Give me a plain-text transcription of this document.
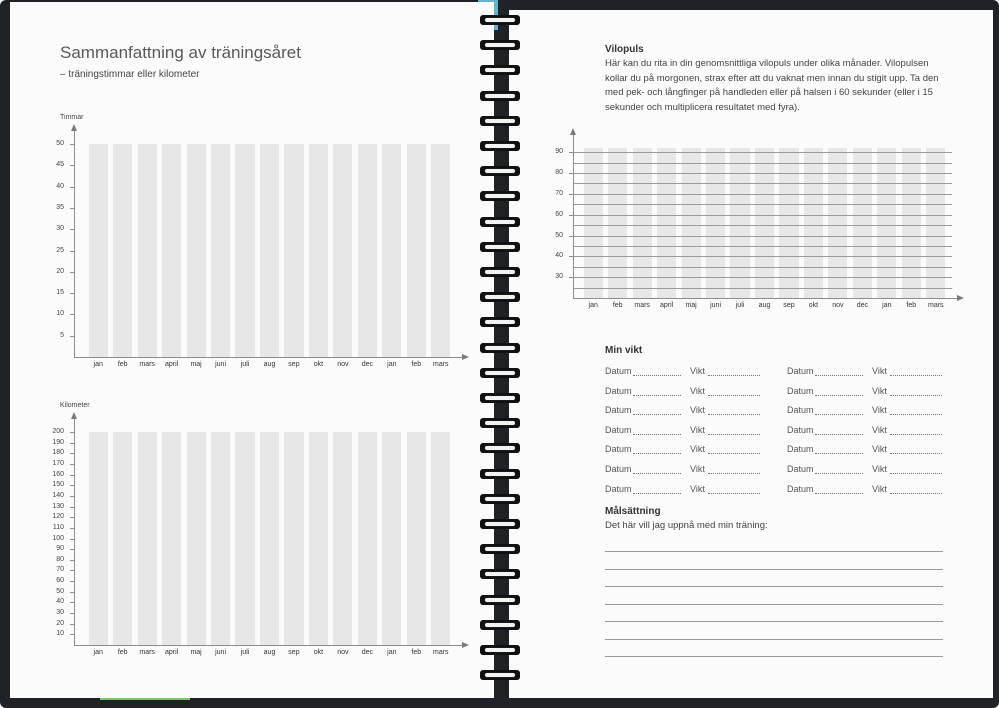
Sammanfattning av träningsåret
– träningstimmar eller kilometer
Timmar
5
10
15
20
25
30
35
40
45
50
jan	feb	mars	april	maj	juni	juli	aug	sep	okt	nov	dec	jan	feb	mars
Kilometer
10
20
30
40
50
60
70
80
90
100
110
120
130
140
150
160
170
180
190
200
jan	feb	mars	april	maj	juni	juli	aug	sep	okt	nov	dec	jan	feb	mars
30
40
50
60
70
80
90
jan	feb	mars	april	maj	juni	juli	aug	sep	okt	nov	dec	jan	feb	mars
Vilopuls
Här kan du rita in din genomsnittliga vilopuls under olika månader. Vilopulsen kollar du på morgonen, strax efter att du vaknat men innan du stigit upp. Ta den med pek- och långfinger på handleden eller på halsen i 60 sekunder (eller i 15 sekunder och multiplicera resultatet med fyra).
Min vikt
Datum	Vikt	Datum	Vikt
Datum	Vikt	Datum	Vikt
Datum	Vikt	Datum	Vikt
Datum	Vikt	Datum	Vikt
Datum	Vikt	Datum	Vikt
Datum	Vikt	Datum	Vikt
Datum	Vikt	Datum	Vikt
Målsättning
Det här vill jag uppnå med min träning:
